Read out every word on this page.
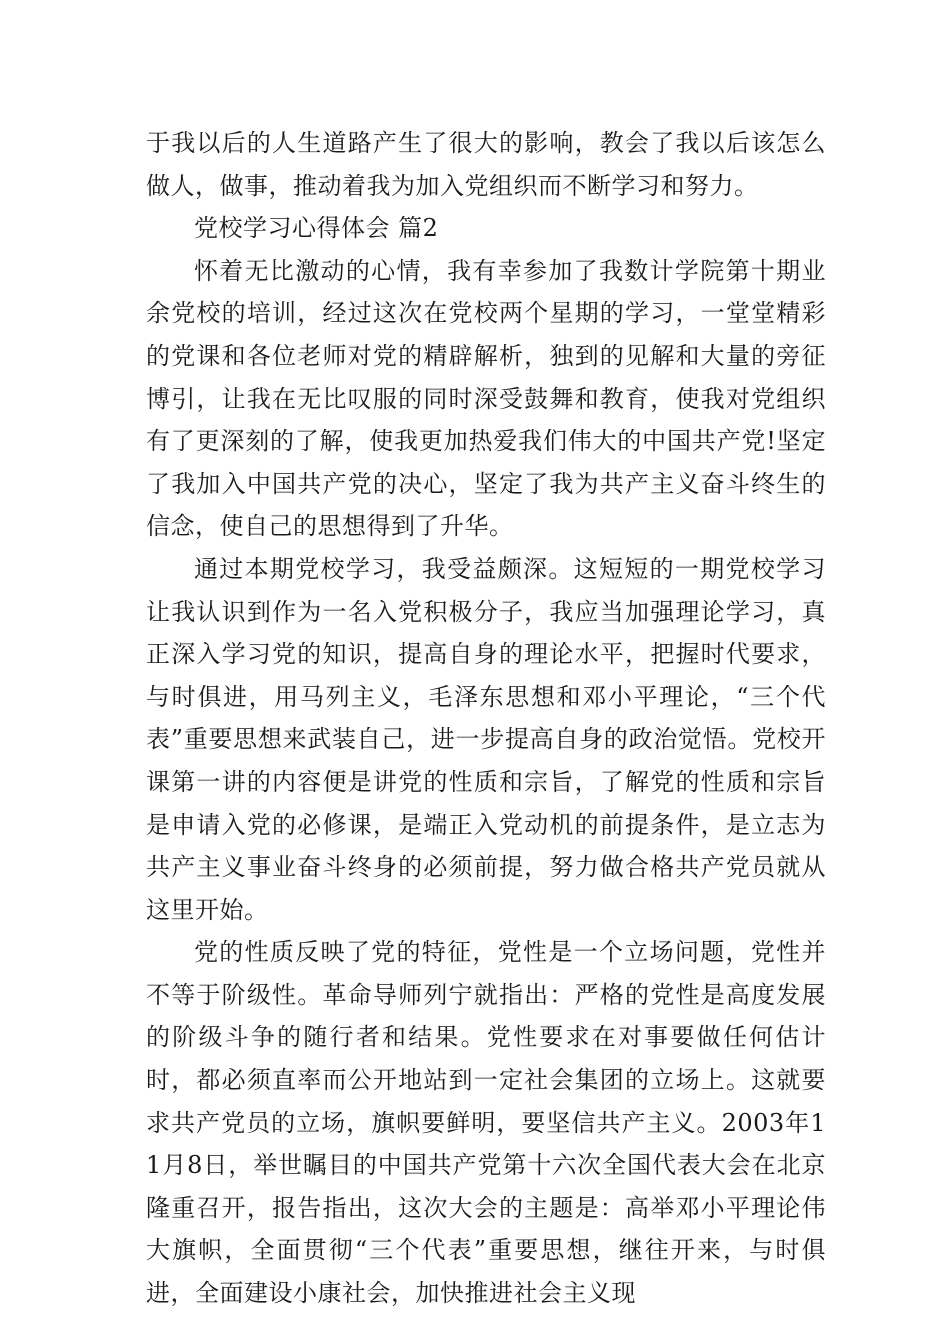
于我以后的人生道路产生了很大的影响，教会了我以后该怎么做人，做事，推动着我为加入党组织而不断学习和努力。

党校学习心得体会 篇2

怀着无比激动的心情，我有幸参加了我数计学院第十期业余党校的培训，经过这次在党校两个星期的学习，一堂堂精彩的党课和各位老师对党的精辟解析，独到的见解和大量的旁征博引，让我在无比叹服的同时深受鼓舞和教育，使我对党组织有了更深刻的了解，使我更加热爱我们伟大的中国共产党!坚定了我加入中国共产党的决心，坚定了我为共产主义奋斗终生的信念，使自己的思想得到了升华。

通过本期党校学习，我受益颇深。这短短的一期党校学习让我认识到作为一名入党积极分子，我应当加强理论学习，真正深入学习党的知识，提高自身的理论水平，把握时代要求，与时俱进，用马列主义，毛泽东思想和邓小平理论，“三个代表”重要思想来武装自己，进一步提高自身的政治觉悟。党校开课第一讲的内容便是讲党的性质和宗旨，了解党的性质和宗旨是申请入党的必修课，是端正入党动机的前提条件，是立志为共产主义事业奋斗终身的必须前提，努力做合格共产党员就从这里开始。

党的性质反映了党的特征，党性是一个立场问题，党性并不等于阶级性。革命导师列宁就指出：严格的党性是高度发展的阶级斗争的随行者和结果。党性要求在对事要做任何估计时，都必须直率而公开地站到一定社会集团的立场上。这就要求共产党员的立场，旗帜要鲜明，要坚信共产主义。2003年11月8日，举世瞩目的中国共产党第十六次全国代表大会在北京隆重召开，报告指出，这次大会的主题是：高举邓小平理论伟大旗帜，全面贯彻“三个代表”重要思想，继往开来，与时俱进，全面建设小康社会，加快推进社会主义现
